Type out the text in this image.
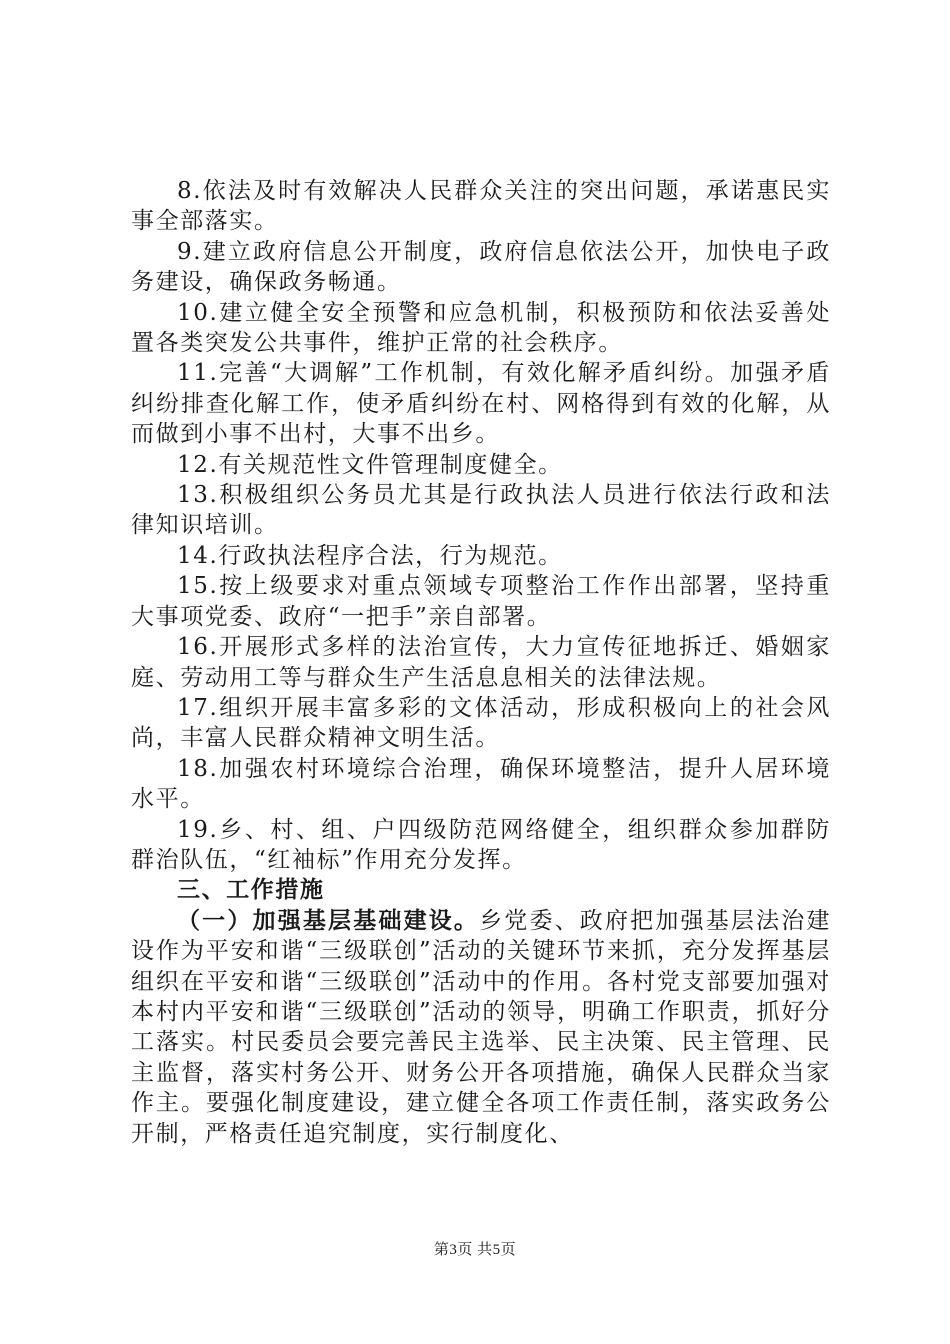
8.依法及时有效解决人民群众关注的突出问题，承诺惠民实事全部落实。

9.建立政府信息公开制度，政府信息依法公开，加快电子政务建设，确保政务畅通。

10.建立健全安全预警和应急机制，积极预防和依法妥善处置各类突发公共事件，维护正常的社会秩序。

11.完善“大调解”工作机制，有效化解矛盾纠纷。加强矛盾纠纷排查化解工作，使矛盾纠纷在村、网格得到有效的化解，从而做到小事不出村，大事不出乡。

12.有关规范性文件管理制度健全。

13.积极组织公务员尤其是行政执法人员进行依法行政和法律知识培训。

14.行政执法程序合法，行为规范。

15.按上级要求对重点领域专项整治工作作出部署，坚持重大事项党委、政府“一把手”亲自部署。

16.开展形式多样的法治宣传，大力宣传征地拆迁、婚姻家庭、劳动用工等与群众生产生活息息相关的法律法规。

17.组织开展丰富多彩的文体活动，形成积极向上的社会风尚，丰富人民群众精神文明生活。

18.加强农村环境综合治理，确保环境整洁，提升人居环境水平。

19.乡、村、组、户四级防范网络健全，组织群众参加群防群治队伍，“红袖标”作用充分发挥。

三、工作措施

（一）加强基层基础建设。乡党委、政府把加强基层法治建设作为平安和谐“三级联创”活动的关键环节来抓，充分发挥基层组织在平安和谐“三级联创”活动中的作用。各村党支部要加强对本村内平安和谐“三级联创”活动的领导，明确工作职责，抓好分工落实。村民委员会要完善民主选举、民主决策、民主管理、民主监督，落实村务公开、财务公开各项措施，确保人民群众当家作主。要强化制度建设，建立健全各项工作责任制，落实政务公开制，严格责任追究制度，实行制度化、

第3页 共5页
